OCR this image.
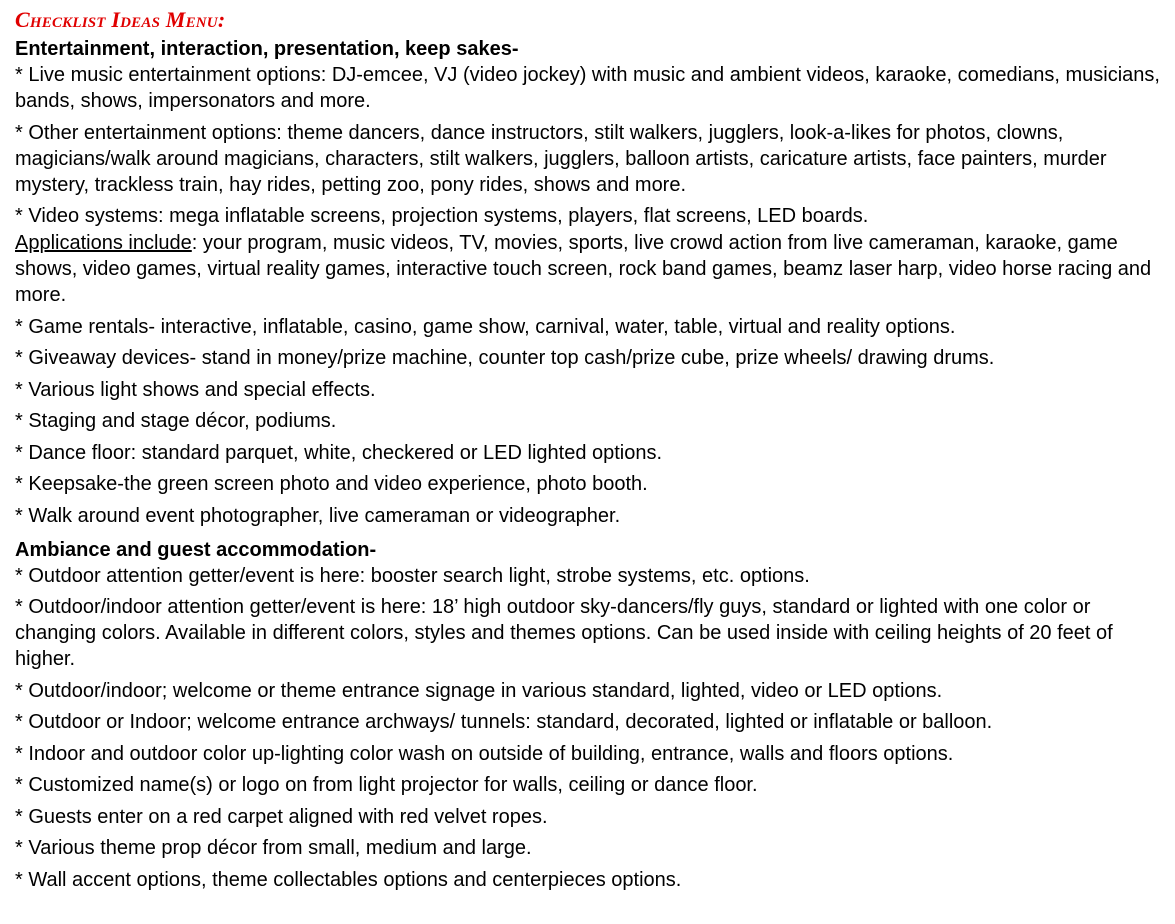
Checklist Ideas Menu:
Entertainment, interaction, presentation, keep sakes-

* Live music entertainment options: DJ-emcee, VJ (video jockey) with music and ambient videos, karaoke, comedians, musicians, bands, shows, impersonators and more.

* Other entertainment options: theme dancers, dance instructors, stilt walkers, jugglers, look-a-likes for photos, clowns, magicians/walk around magicians, characters, stilt walkers, jugglers, balloon artists, caricature artists, face painters, murder mystery, trackless train, hay rides, petting zoo, pony rides, shows and more.

* Video systems: mega inflatable screens, projection systems, players, flat screens, LED boards.

Applications include: your program, music videos, TV, movies, sports, live crowd action from live cameraman, karaoke, game shows, video games, virtual reality games, interactive touch screen, rock band games, beamz laser harp, video horse racing and more.

* Game rentals- interactive, inflatable, casino, game show, carnival, water, table, virtual and reality options.

* Giveaway devices- stand in money/prize machine, counter top cash/prize cube, prize wheels/ drawing drums.

* Various light shows and special effects.

* Staging and stage décor, podiums.

* Dance floor: standard parquet, white, checkered or LED lighted options.

* Keepsake-the green screen photo and video experience, photo booth.

* Walk around event photographer, live cameraman or videographer.

Ambiance and guest accommodation-

* Outdoor attention getter/event is here: booster search light, strobe systems, etc. options.

* Outdoor/indoor attention getter/event is here: 18’ high outdoor sky-dancers/fly guys, standard or lighted with one color or changing colors. Available in different colors, styles and themes options. Can be used inside with ceiling heights of 20 feet of higher.

* Outdoor/indoor; welcome or theme entrance signage in various standard, lighted, video or LED options.

* Outdoor or Indoor; welcome entrance archways/ tunnels: standard, decorated, lighted or inflatable or balloon.

* Indoor and outdoor color up-lighting color wash on outside of building, entrance, walls and floors options.

* Customized name(s) or logo on from light projector for walls, ceiling or dance floor.

* Guests enter on a red carpet aligned with red velvet ropes.

* Various theme prop décor from small, medium and large.

* Wall accent options, theme collectables options and centerpieces options.
